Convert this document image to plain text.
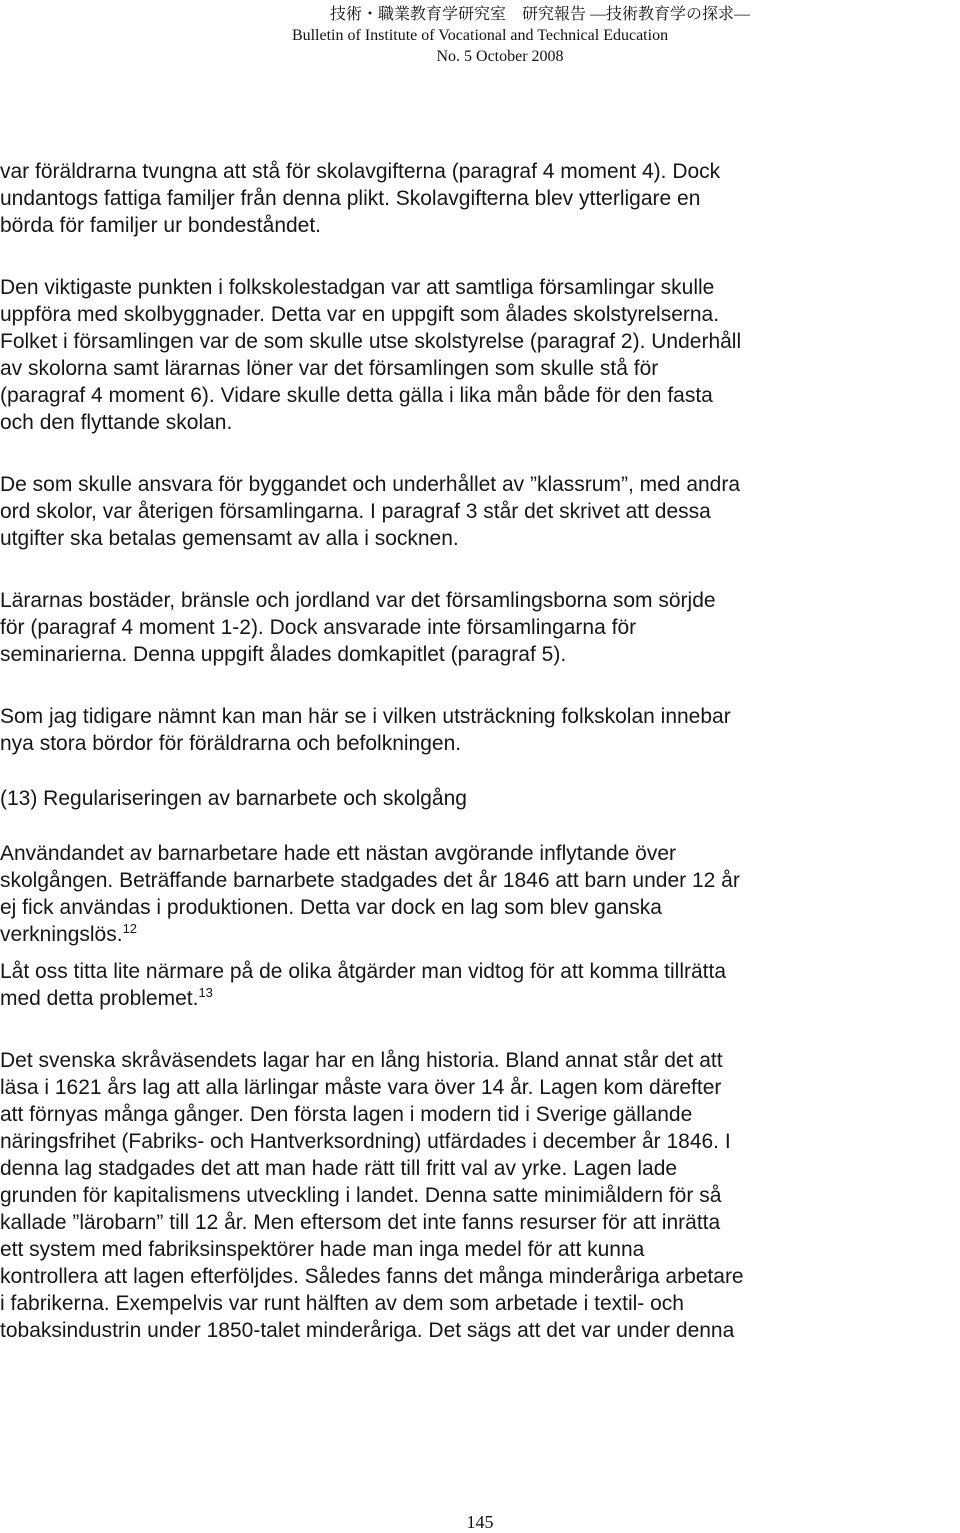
技術・職業教育学研究室　研究報告 ―技術教育学の探求―
Bulletin of Institute of Vocational and Technical Education
No. 5 October 2008

var föräldrarna tvungna att stå för skolavgifterna (paragraf 4 moment 4). Dock
undantogs fattiga familjer från denna plikt. Skolavgifterna blev ytterligare en
börda för familjer ur bondeståndet.

Den viktigaste punkten i folkskolestadgan var att samtliga församlingar skulle
uppföra med skolbyggnader. Detta var en uppgift som ålades skolstyrelserna.
Folket i församlingen var de som skulle utse skolstyrelse (paragraf 2). Underhåll
av skolorna samt lärarnas löner var det församlingen som skulle stå för
(paragraf 4 moment 6). Vidare skulle detta gälla i lika mån både för den fasta
och den flyttande skolan.

De som skulle ansvara för byggandet och underhållet av ”klassrum”, med andra
ord skolor, var återigen församlingarna. I paragraf 3 står det skrivet att dessa
utgifter ska betalas gemensamt av alla i socknen.

Lärarnas bostäder, bränsle och jordland var det församlingsborna som sörjde
för (paragraf 4 moment 1-2). Dock ansvarade inte församlingarna för
seminarierna. Denna uppgift ålades domkapitlet (paragraf 5).

Som jag tidigare nämnt kan man här se i vilken utsträckning folkskolan innebar
nya stora bördor för föräldrarna och befolkningen.

(13) Regulariseringen av barnarbete och skolgång

Användandet av barnarbetare hade ett nästan avgörande inflytande över
skolgången. Beträffande barnarbete stadgades det år 1846 att barn under 12 år
ej fick användas i produktionen. Detta var dock en lag som blev ganska
verkningslös.$^{12}$

Låt oss titta lite närmare på de olika åtgärder man vidtog för att komma tillrätta
med detta problemet.$^{13}$

Det svenska skråväsendets lagar har en lång historia. Bland annat står det att
läsa i 1621 års lag att alla lärlingar måste vara över 14 år. Lagen kom därefter
att förnyas många gånger. Den första lagen i modern tid i Sverige gällande
näringsfrihet (Fabriks- och Hantverksordning) utfärdades i december år 1846. I
denna lag stadgades det att man hade rätt till fritt val av yrke. Lagen lade
grunden för kapitalismens utveckling i landet. Denna satte minimiåldern för så
kallade ”lärobarn” till 12 år. Men eftersom det inte fanns resurser för att inrätta
ett system med fabriksinspektörer hade man inga medel för att kunna
kontrollera att lagen efterföljdes. Således fanns det många minderåriga arbetare
i fabrikerna. Exempelvis var runt hälften av dem som arbetade i textil- och
tobaksindustrin under 1850-talet minderåriga. Det sägs att det var under denna

145
